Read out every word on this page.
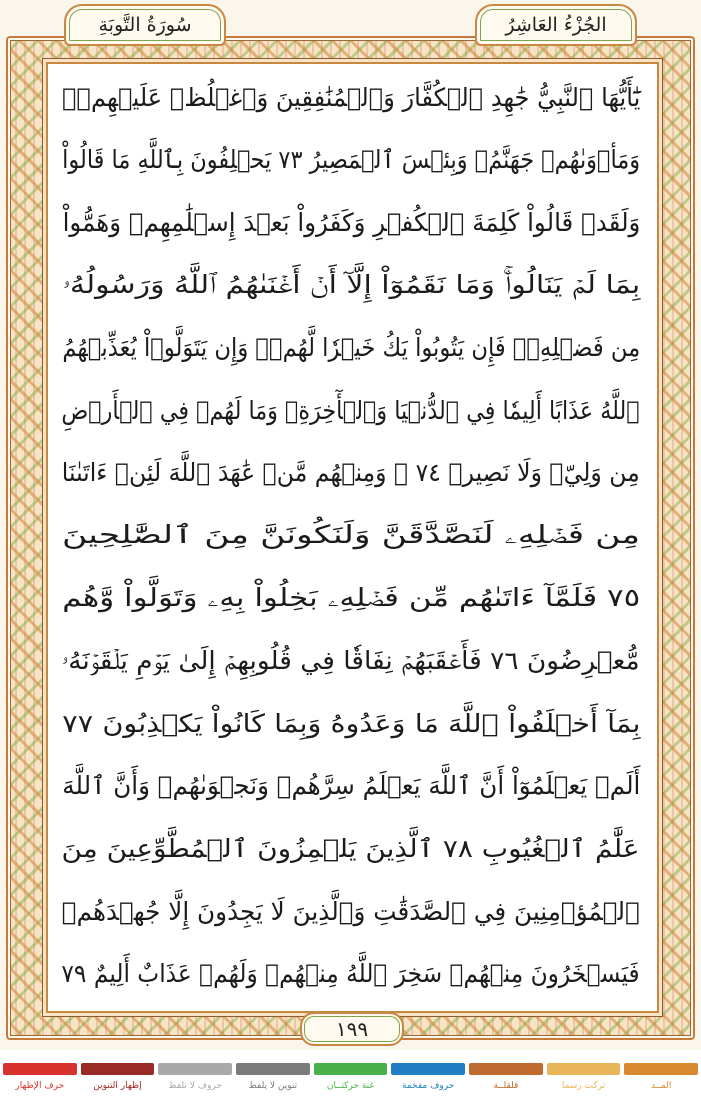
الجُزْءُ العَاشِرُ
سُورَةُ التَّوبَةِ
يَٰٓأَيُّهَا ٱلنَّبِيُّ جَٰهِدِ ٱلۡكُفَّارَ وَٱلۡمُنَٰفِقِينَ وَٱغۡلُظۡ عَلَيۡهِمۡۚ
وَمَأۡوَىٰهُمۡ جَهَنَّمُۖ وَبِئۡسَ ٱلۡمَصِيرُ ٧٣ يَحۡلِفُونَ بِٱللَّهِ مَا قَالُواْ
وَلَقَدۡ قَالُواْ كَلِمَةَ ٱلۡكُفۡرِ وَكَفَرُواْ بَعۡدَ إِسۡلَٰمِهِمۡ وَهَمُّواْ
بِمَا لَمۡ يَنَالُواْۚ وَمَا نَقَمُوٓاْ إِلَّآ أَنۡ أَغۡنَىٰهُمُ ٱللَّهُ وَرَسُولُهُۥ
مِن فَضۡلِهِۦۚ فَإِن يَتُوبُواْ يَكُ خَيۡرٗا لَّهُمۡۖ وَإِن يَتَوَلَّوۡاْ يُعَذِّبۡهُمُ
ٱللَّهُ عَذَابًا أَلِيمٗا فِي ٱلدُّنۡيَا وَٱلۡأٓخِرَةِۚ وَمَا لَهُمۡ فِي ٱلۡأَرۡضِ
مِن وَلِيّٖ وَلَا نَصِيرٖ ٧٤ ۞ وَمِنۡهُم مَّنۡ عَٰهَدَ ٱللَّهَ لَئِنۡ ءَاتَىٰنَا
مِن فَضۡلِهِۦ لَنَصَّدَّقَنَّ وَلَنَكُونَنَّ مِنَ ٱلصَّٰلِحِينَ
٧٥ فَلَمَّآ ءَاتَىٰهُم مِّن فَضۡلِهِۦ بَخِلُواْ بِهِۦ وَتَوَلَّواْ وَّهُم
مُّعۡرِضُونَ ٧٦ فَأَعۡقَبَهُمۡ نِفَاقٗا فِي قُلُوبِهِمۡ إِلَىٰ يَوۡمِ يَلۡقَوۡنَهُۥ
بِمَآ أَخۡلَفُواْ ٱللَّهَ مَا وَعَدُوهُ وَبِمَا كَانُواْ يَكۡذِبُونَ ٧٧
أَلَمۡ يَعۡلَمُوٓاْ أَنَّ ٱللَّهَ يَعۡلَمُ سِرَّهُمۡ وَنَجۡوَىٰهُمۡ وَأَنَّ ٱللَّهَ
عَلَّٰمُ ٱلۡغُيُوبِ ٧٨ ٱلَّذِينَ يَلۡمِزُونَ ٱلۡمُطَّوِّعِينَ مِنَ
ٱلۡمُؤۡمِنِينَ فِي ٱلصَّدَقَٰتِ وَٱلَّذِينَ لَا يَجِدُونَ إِلَّا جُهۡدَهُمۡ
فَيَسۡخَرُونَ مِنۡهُمۡ سَخِرَ ٱللَّهُ مِنۡهُمۡ وَلَهُمۡ عَذَابٌ أَلِيمٌ ٧٩
١٩٩
المــد
تركت رسما
قلقلــة
حروف مفخمة
غنة حركتــان
تنوين لا يلفظ
حروف لا تلفظ
إظهار التنوين
حرف الإظهار
